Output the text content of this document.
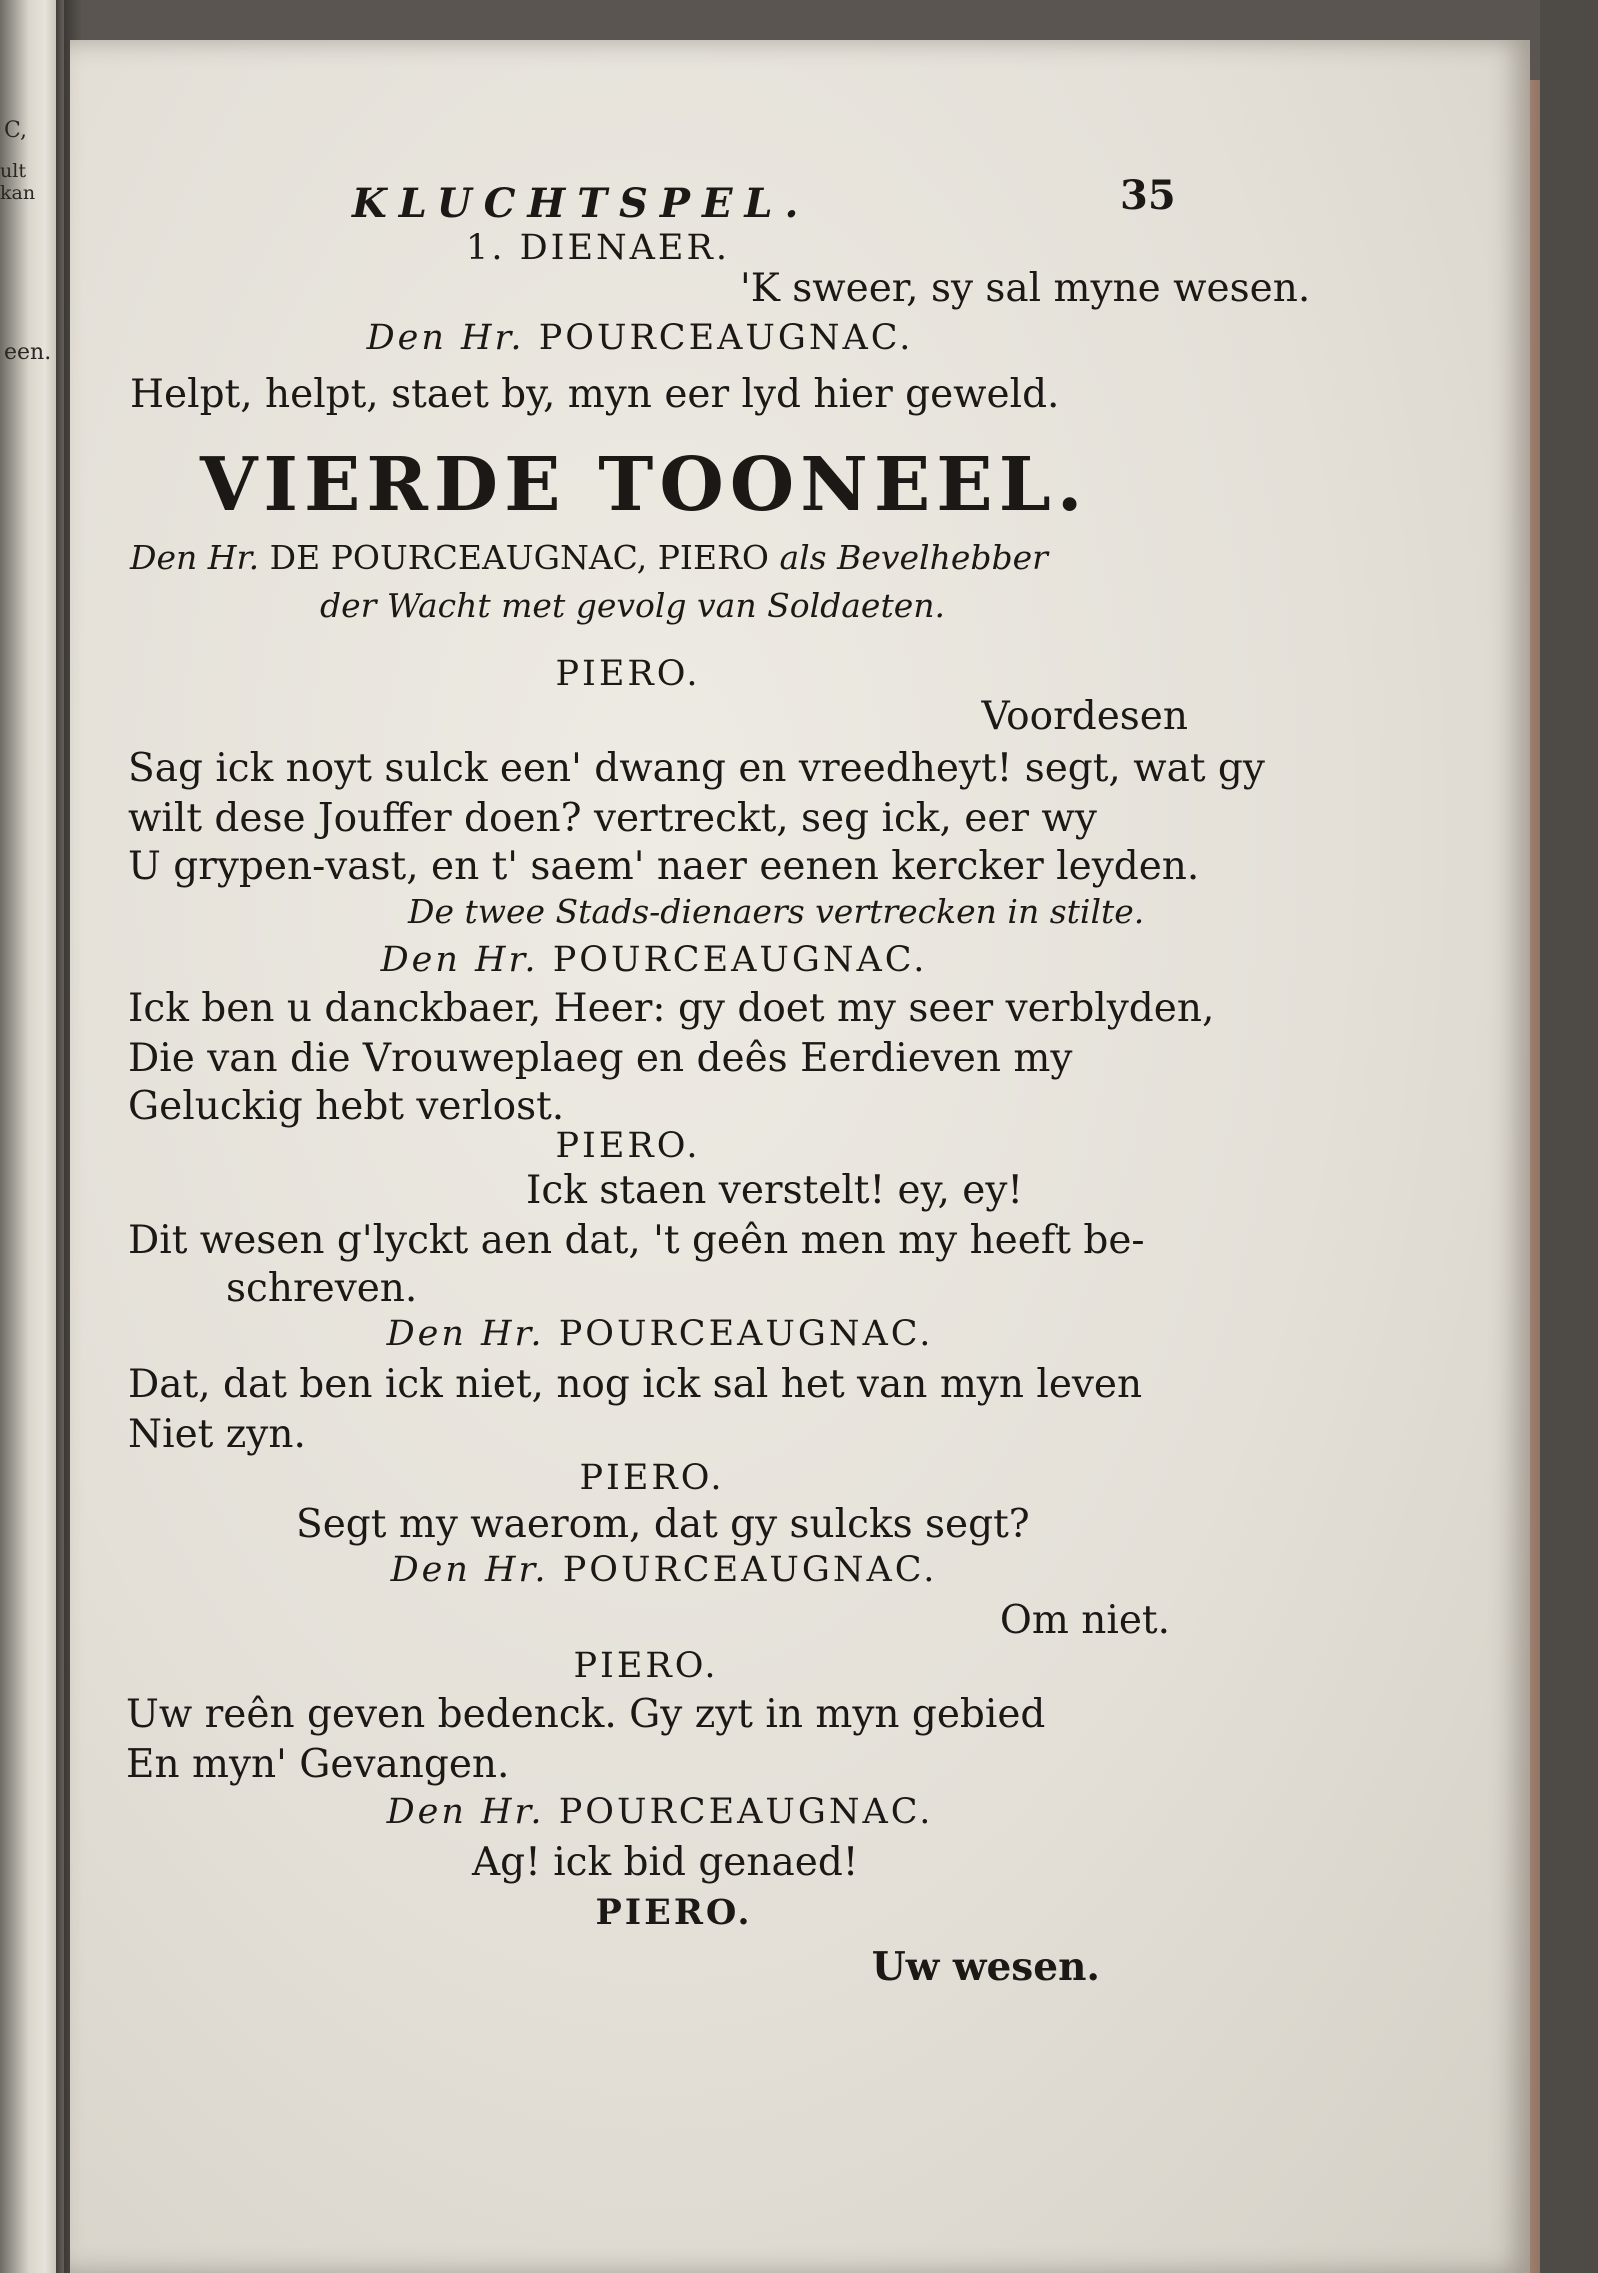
C,
ult kan
een.
KLUCHTSPEL.	35
1. DIENAER.
'K sweer, sy sal myne wesen.
Den Hr. POURCEAUGNAC.
Helpt, helpt, staet by, myn eer lyd hier geweld.
VIERDE TOONEEL.
Den Hr. DE POURCEAUGNAC, PIERO als Bevelhebber
der Wacht met gevolg van Soldaeten.
PIERO.
Voordesen
Sag ick noyt sulck een' dwang en vreedheyt! segt, wat gy
wilt dese Jouffer doen? vertreckt, seg ick, eer wy
U grypen-vast, en t' saem' naer eenen kercker leyden.
De twee Stads-dienaers vertrecken in stilte.
Den Hr. POURCEAUGNAC.
Ick ben u danckbaer, Heer: gy doet my seer verblyden,
Die van die Vrouweplaeg en deês Eerdieven my
Geluckig hebt verlost.
PIERO.
Ick staen verstelt! ey, ey!
Dit wesen g'lyckt aen dat, 't geên men my heeft be-
schreven.
Den Hr. POURCEAUGNAC.
Dat, dat ben ick niet, nog ick sal het van myn leven
Niet zyn.
PIERO.
Segt my waerom, dat gy sulcks segt?
Den Hr. POURCEAUGNAC.
Om niet.
PIERO.
Uw reên geven bedenck. Gy zyt in myn gebied
En myn' Gevangen.
Den Hr. POURCEAUGNAC.
Ag! ick bid genaed!
PIERO.
Uw wesen.
